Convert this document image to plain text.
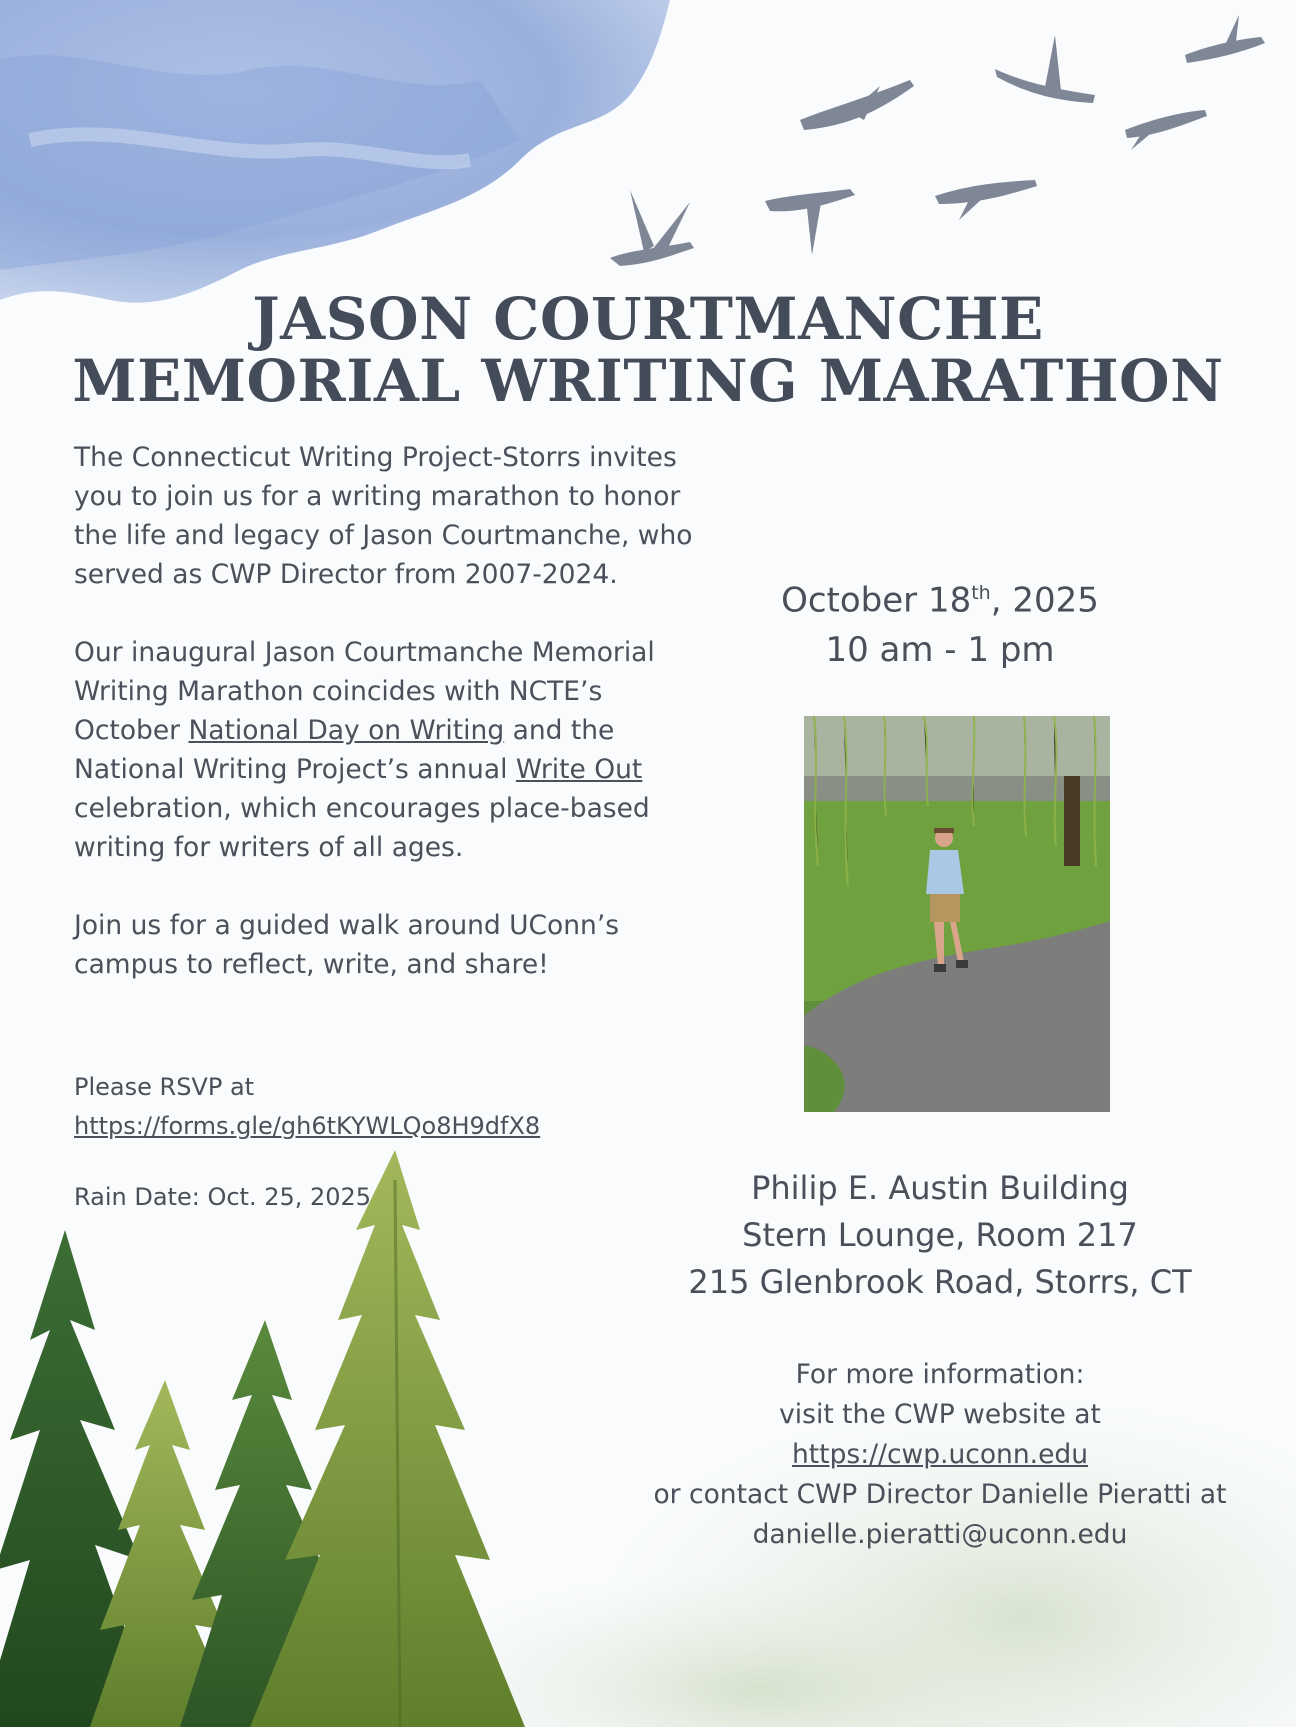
JASON COURTMANCHE
MEMORIAL WRITING MARATHON

The Connecticut Writing Project-Storrs invites you to join us for a writing marathon to honor the life and legacy of Jason Courtmanche, who served as CWP Director from 2007-2024.

Our inaugural Jason Courtmanche Memorial Writing Marathon coincides with NCTE’s October National Day on Writing and the National Writing Project’s annual Write Out celebration, which encourages place-based writing for writers of all ages.

Join us for a guided walk around UConn’s campus to reflect, write, and share!

Please RSVP at
https://forms.gle/gh6tKYWLQo8H9dfX8
Rain Date: Oct. 25, 2025
October 18th, 2025
10 am - 1 pm
Philip E. Austin Building
Stern Lounge, Room 217
215 Glenbrook Road, Storrs, CT
For more information:
visit the CWP website at
https://cwp.uconn.edu
or contact CWP Director Danielle Pieratti at
danielle.pieratti@uconn.edu
